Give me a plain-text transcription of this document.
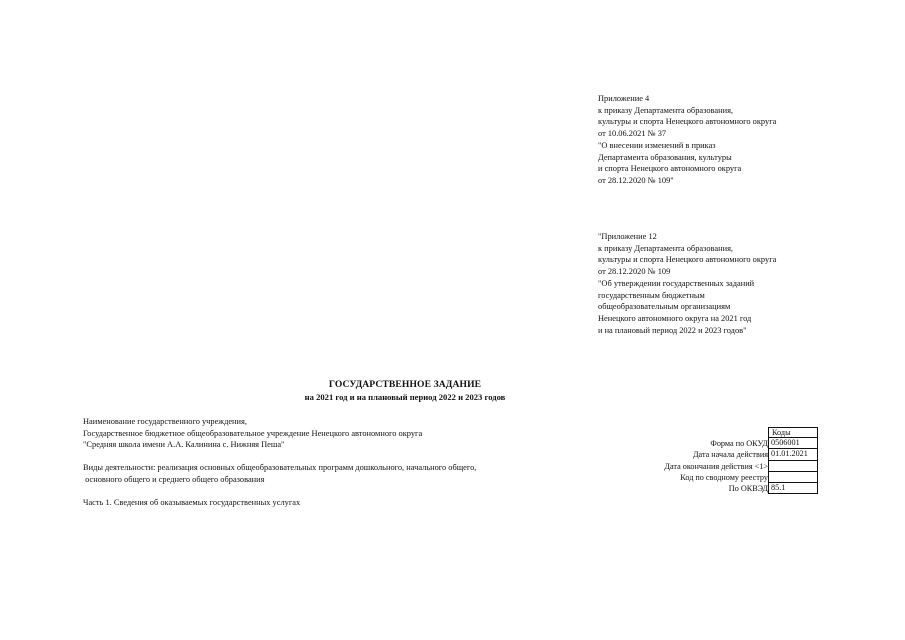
Приложение 4
к приказу Департамента образования,
культуры и спорта Ненецкого автономного округа
от 10.06.2021 № 37
"О внесении изменений в приказ
Департамента образования, культуры
и спорта Ненецкого автономного округа
от 28.12.2020 № 109"
"Приложение 12
к приказу Департамента образования,
культуры и спорта Ненецкого автономного округа
от 28.12.2020 № 109
"Об утверждении государственных заданий
государственным бюджетным
общеобразовательным организациям
Ненецкого автономного округа на 2021 год
и на плановый период 2022 и 2023 годов"
ГОСУДАРСТВЕННОЕ ЗАДАНИЕ
на 2021 год и на плановый период 2022 и 2023 годов
Наименование государственного учреждения,
Государственное бюджетное общеобразовательное учреждение Ненецкого автономного округа
"Средняя школа имени А.А. Калинина с. Нижняя Пеша"
Виды деятельности: реализация основных общеобразовательных программ дошкольного, начального общего,
основного общего и среднего общего образования
Часть 1. Сведения об оказываемых государственных услугах
Коды
Форма по ОКУД 0506001
Дата начала действия 01.01.2021
Дата окончания действия <1>
Код по сводному реестру
По ОКВЭД 85.1
